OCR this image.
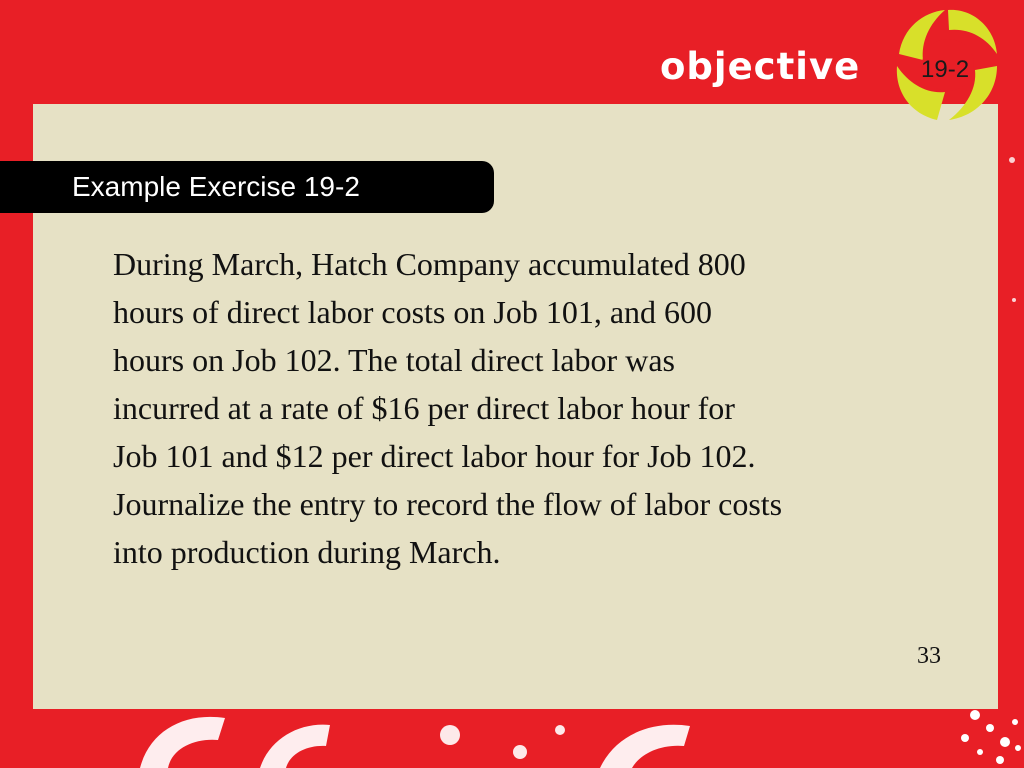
objective	19-2
Example Exercise 19-2

During March, Hatch Company accumulated 800
hours of direct labor costs on Job 101, and 600
hours on Job 102. The total direct labor was
incurred at a rate of $16 per direct labor hour for
Job 101 and $12 per direct labor hour for Job 102.
Journalize the entry to record the flow of labor costs
into production during March.

33
